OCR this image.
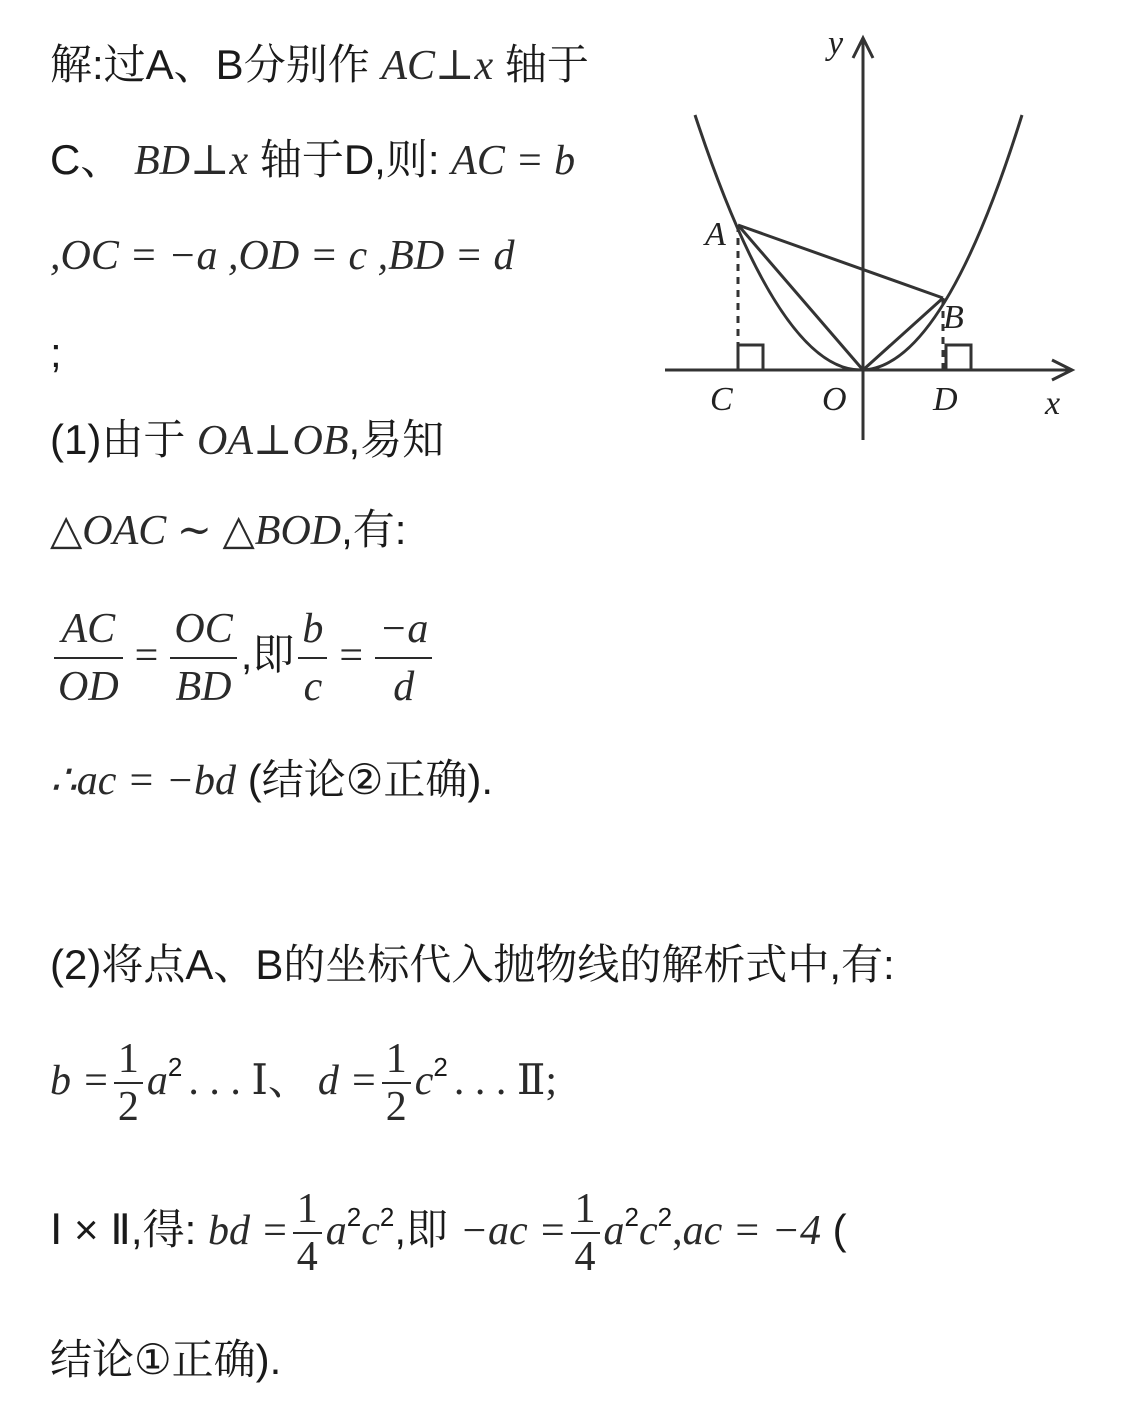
解:过A、B分别作 AC⊥x 轴于
C、 BD⊥x 轴于D,则: AC = b
,OC = −a ,OD = c ,BD = d
;
(1)由于 OA⊥OB,易知
△OAC ∼ △BOD,有:
$\frac{AC}{OD} = \frac{OC}{BD}$ ,即 $\frac{b}{c} = \frac{-a}{d}$
∴ac = −bd (结论②正确).
(2)将点A、B的坐标代入抛物线的解析式中,有:
$b = \frac{1}{2} a^2$ . . . Ⅰ、 $d = \frac{1}{2} c^2$ . . . Ⅱ;
Ⅰ × Ⅱ,得: bd = $\frac{1}{4} a^2c^2$,即 $-ac = \frac{1}{4} a^2c^2,ac = -4$ (
结论①正确).
A
B
C	O	D	x
y
